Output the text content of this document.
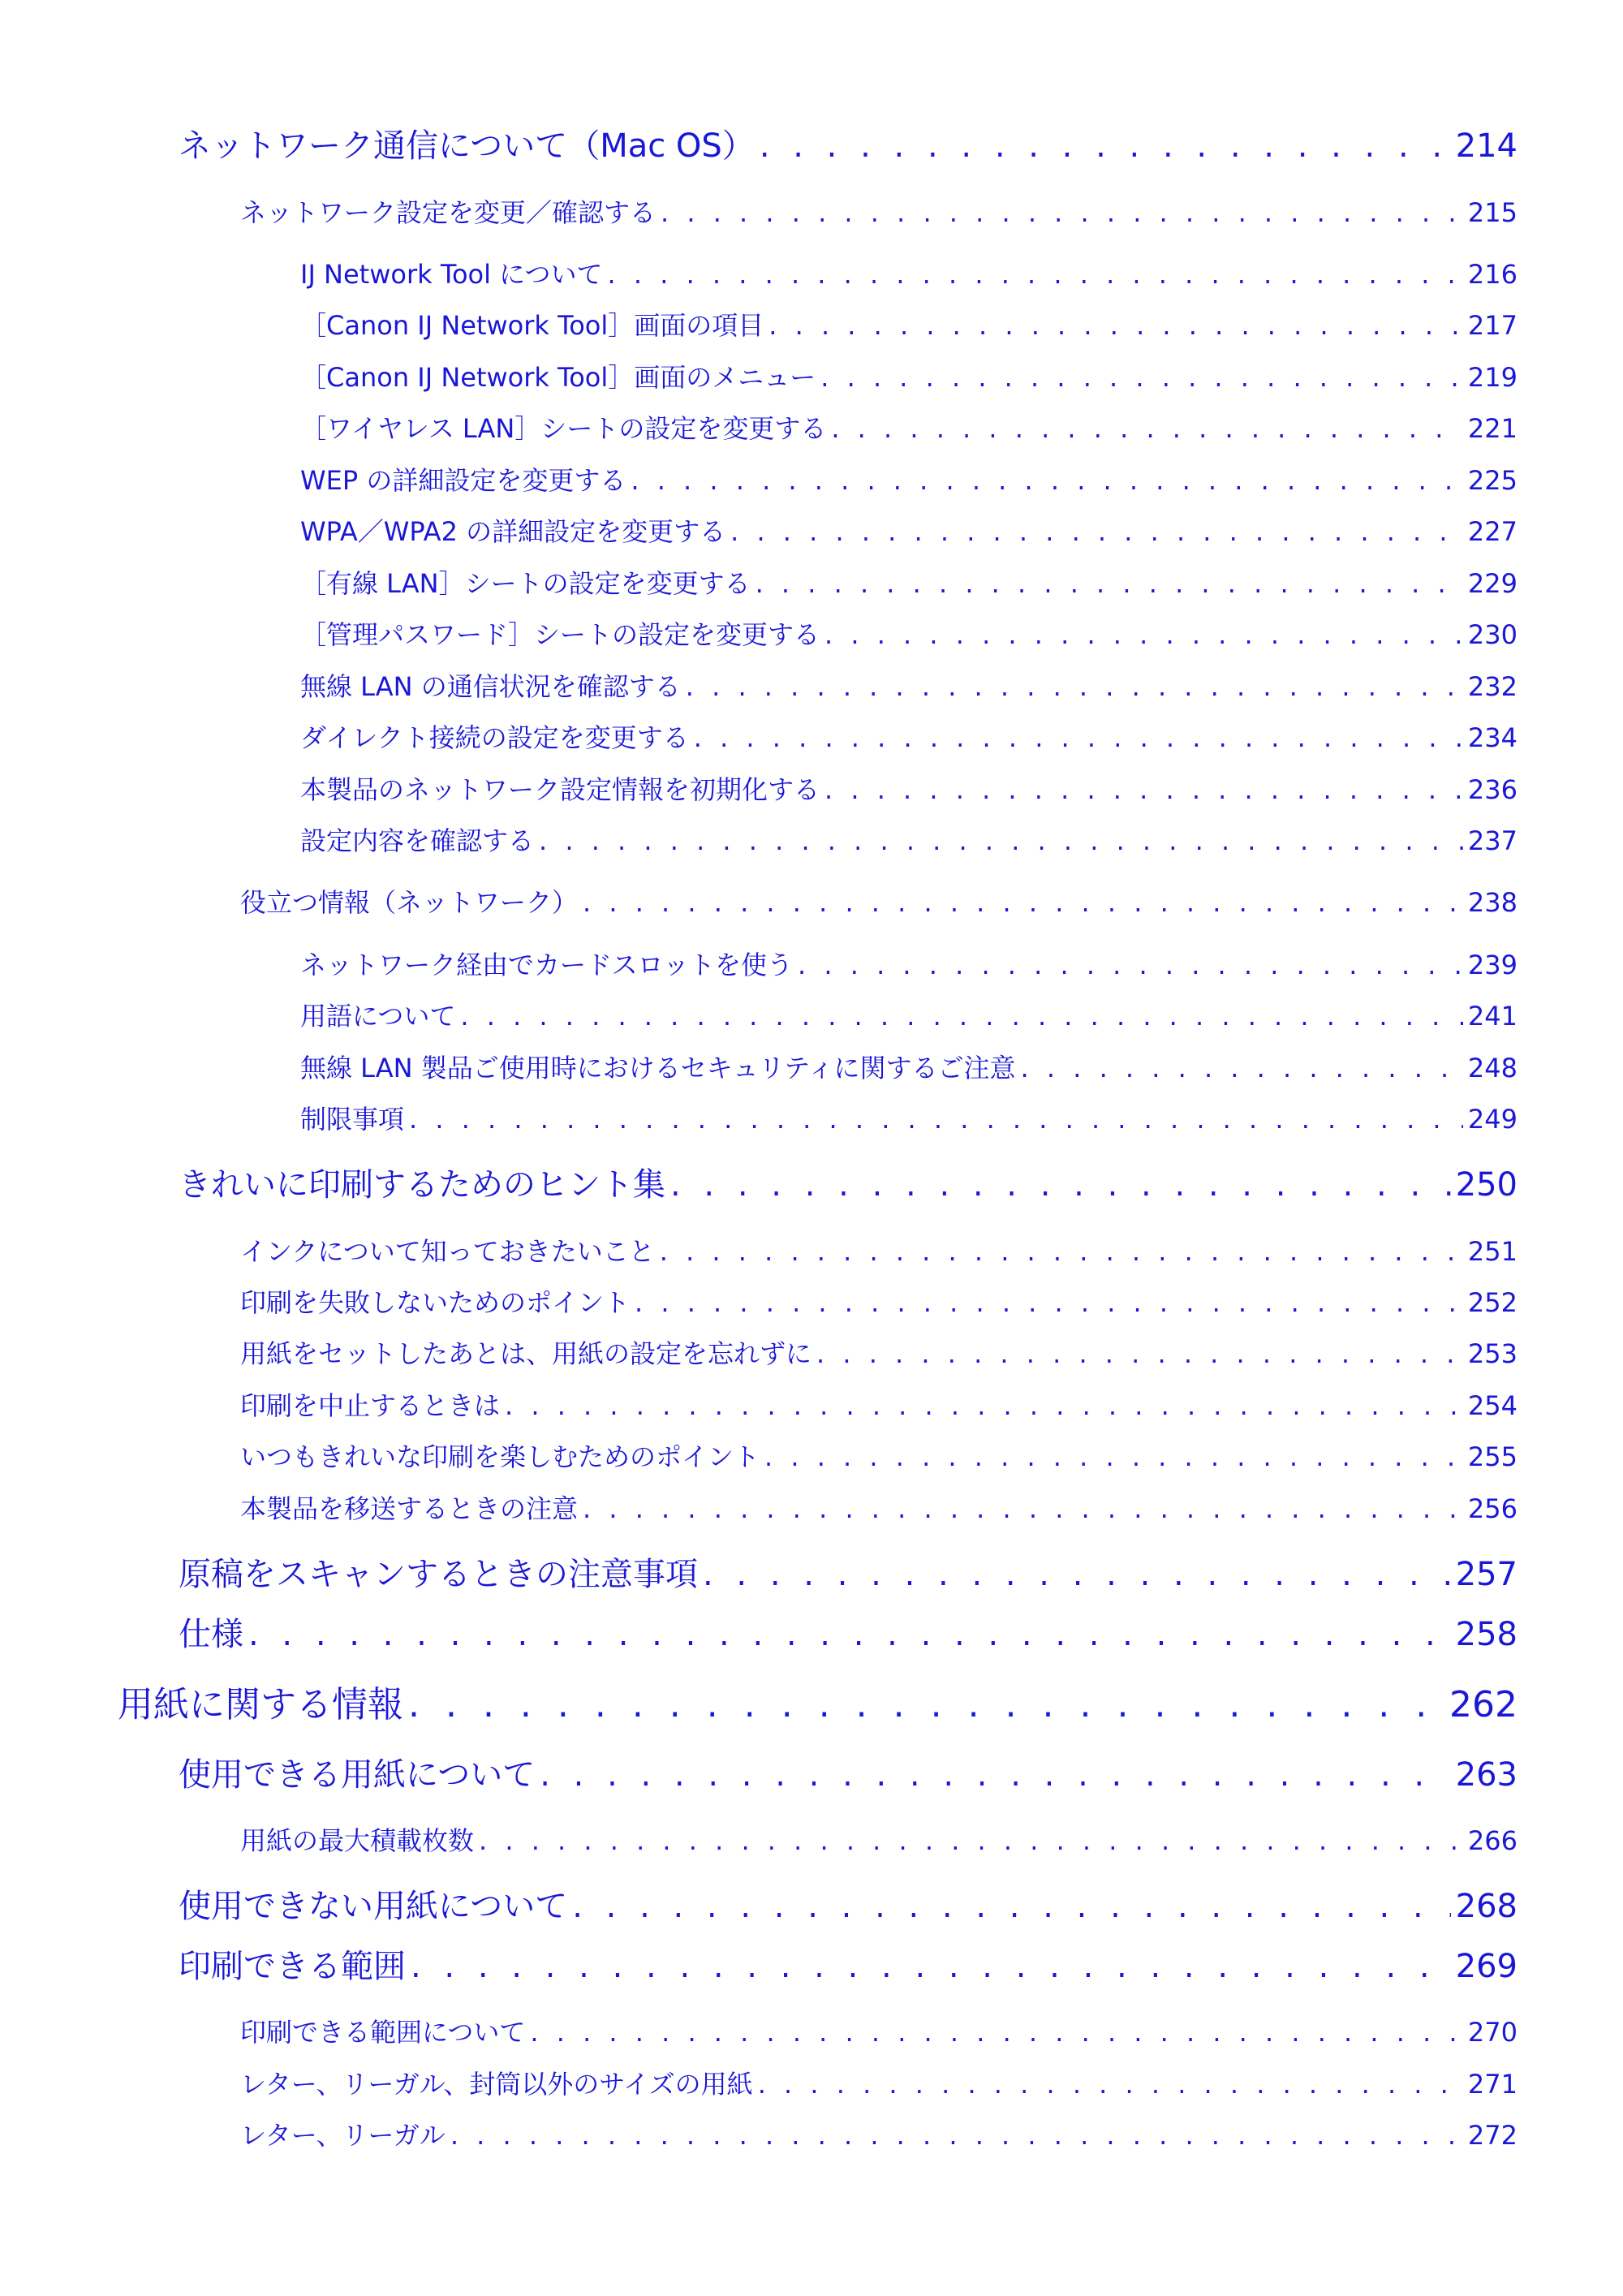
ネットワーク通信について（Mac OS） . . .	214
ネットワーク設定を変更／確認する . . .	215
IJ Network Tool について . . .	216
［Canon IJ Network Tool］画面の項目 . . .	217
［Canon IJ Network Tool］画面のメニュー . . .	219
［ワイヤレス LAN］シートの設定を変更する . . .	221
WEP の詳細設定を変更する . . .	225
WPA／WPA2 の詳細設定を変更する . . .	227
［有線 LAN］シートの設定を変更する . . .	229
［管理パスワード］シートの設定を変更する . . .	230
無線 LAN の通信状況を確認する . . .	232
ダイレクト接続の設定を変更する . . .	234
本製品のネットワーク設定情報を初期化する . . .	236
設定内容を確認する . . .	237
役立つ情報（ネットワーク） . . .	238
ネットワーク経由でカードスロットを使う . . .	239
用語について . . .	241
無線 LAN 製品ご使用時におけるセキュリティに関するご注意 . . .	248
制限事項 . . .	249
きれいに印刷するためのヒント集 . . .	250
インクについて知っておきたいこと . . .	251
印刷を失敗しないためのポイント . . .	252
用紙をセットしたあとは、用紙の設定を忘れずに . . .	253
印刷を中止するときは . . .	254
いつもきれいな印刷を楽しむためのポイント . . .	255
本製品を移送するときの注意 . . .	256
原稿をスキャンするときの注意事項 . . .	257
仕様 . . .	258
用紙に関する情報 . . .	262
使用できる用紙について . . .	263
用紙の最大積載枚数 . . .	266
使用できない用紙について . . .	268
印刷できる範囲 . . .	269
印刷できる範囲について . . .	270
レター、リーガル、封筒以外のサイズの用紙 . . .	271
レター、リーガル . . .	272
